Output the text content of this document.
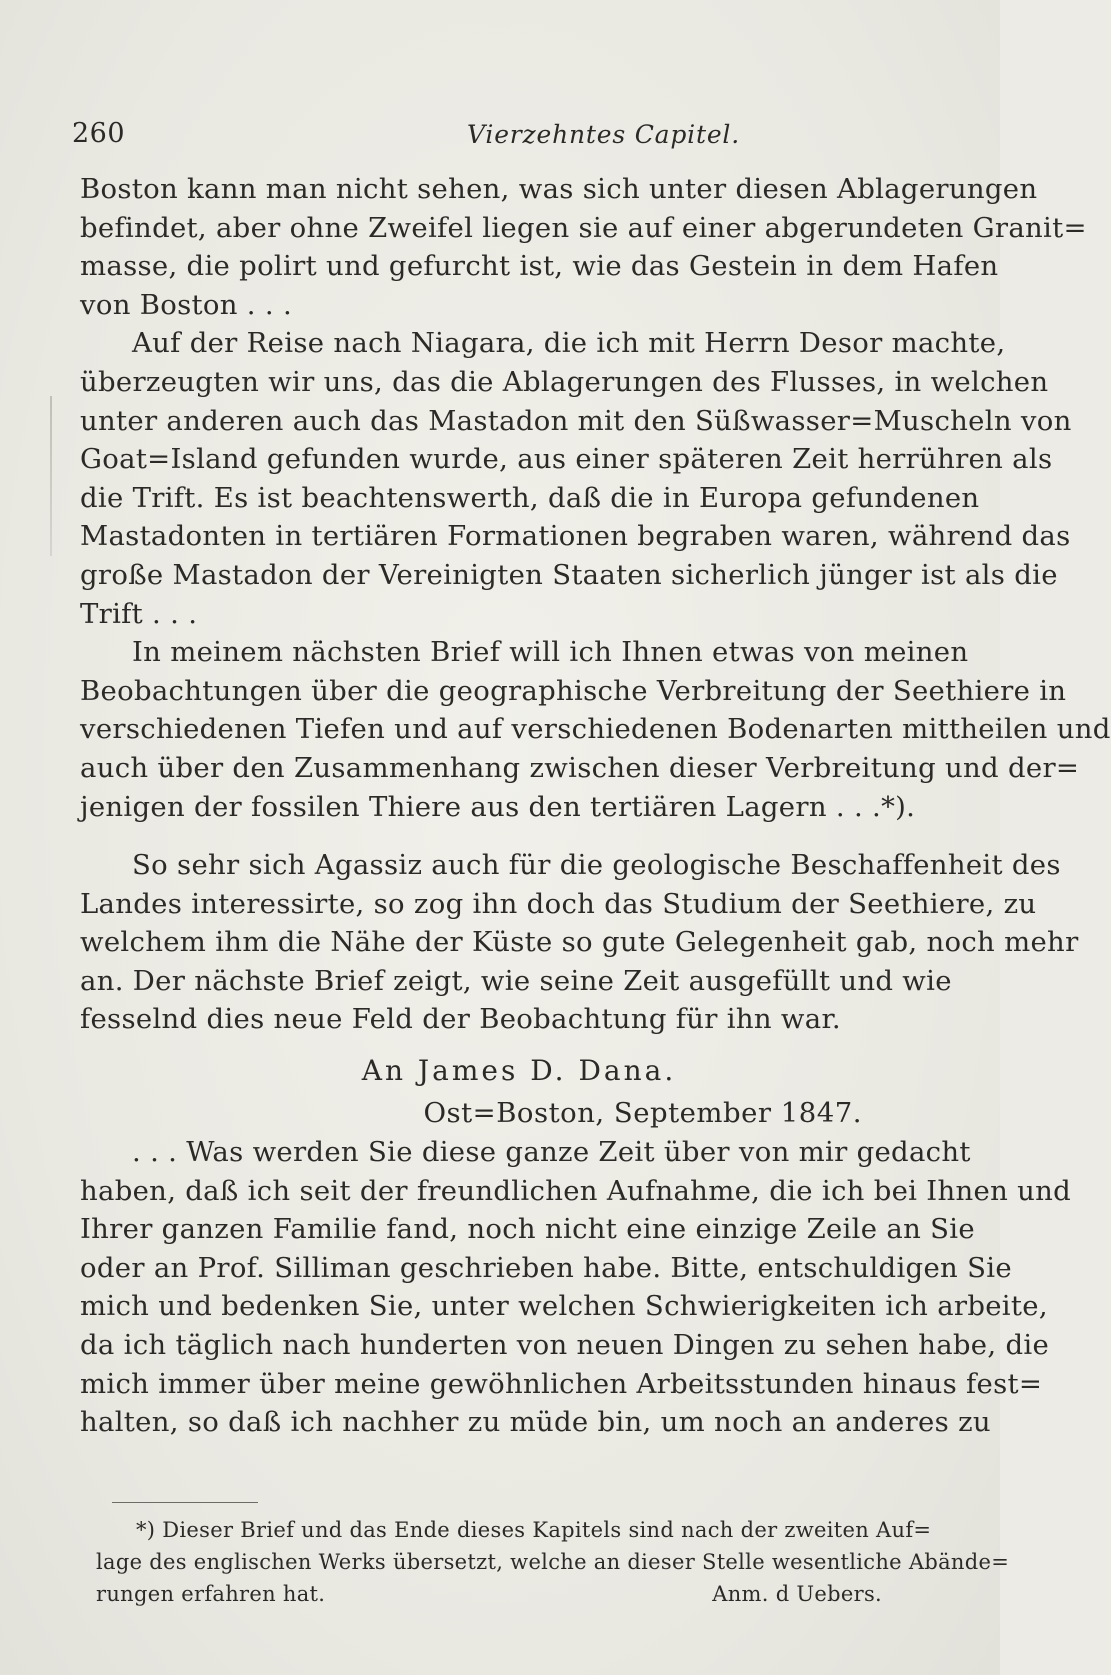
260	Vierzehntes Capitel.
Boston kann man nicht sehen, was sich unter diesen Ablagerungen
befindet, aber ohne Zweifel liegen sie auf einer abgerundeten Granit=
masse, die polirt und gefurcht ist, wie das Gestein in dem Hafen
von Boston . . .
Auf der Reise nach Niagara, die ich mit Herrn Desor machte,
überzeugten wir uns, das die Ablagerungen des Flusses, in welchen
unter anderen auch das Mastadon mit den Süßwasser=Muscheln von
Goat=Island gefunden wurde, aus einer späteren Zeit herrühren als
die Trift. Es ist beachtenswerth, daß die in Europa gefundenen
Mastadonten in tertiären Formationen begraben waren, während das
große Mastadon der Vereinigten Staaten sicherlich jünger ist als die
Trift . . .
In meinem nächsten Brief will ich Ihnen etwas von meinen
Beobachtungen über die geographische Verbreitung der Seethiere in
verschiedenen Tiefen und auf verschiedenen Bodenarten mittheilen und
auch über den Zusammenhang zwischen dieser Verbreitung und der=
jenigen der fossilen Thiere aus den tertiären Lagern . . .*).
So sehr sich Agassiz auch für die geologische Beschaffenheit des
Landes interessirte, so zog ihn doch das Studium der Seethiere, zu
welchem ihm die Nähe der Küste so gute Gelegenheit gab, noch mehr
an. Der nächste Brief zeigt, wie seine Zeit ausgefüllt und wie
fesselnd dies neue Feld der Beobachtung für ihn war.
An James D. Dana.
Ost=Boston, September 1847.
. . . Was werden Sie diese ganze Zeit über von mir gedacht
haben, daß ich seit der freundlichen Aufnahme, die ich bei Ihnen und
Ihrer ganzen Familie fand, noch nicht eine einzige Zeile an Sie
oder an Prof. Silliman geschrieben habe. Bitte, entschuldigen Sie
mich und bedenken Sie, unter welchen Schwierigkeiten ich arbeite,
da ich täglich nach hunderten von neuen Dingen zu sehen habe, die
mich immer über meine gewöhnlichen Arbeitsstunden hinaus fest=
halten, so daß ich nachher zu müde bin, um noch an anderes zu
*) Dieser Brief und das Ende dieses Kapitels sind nach der zweiten Auf=
lage des englischen Werks übersetzt, welche an dieser Stelle wesentliche Abände=
rungen erfahren hat.	Anm. d Uebers.
